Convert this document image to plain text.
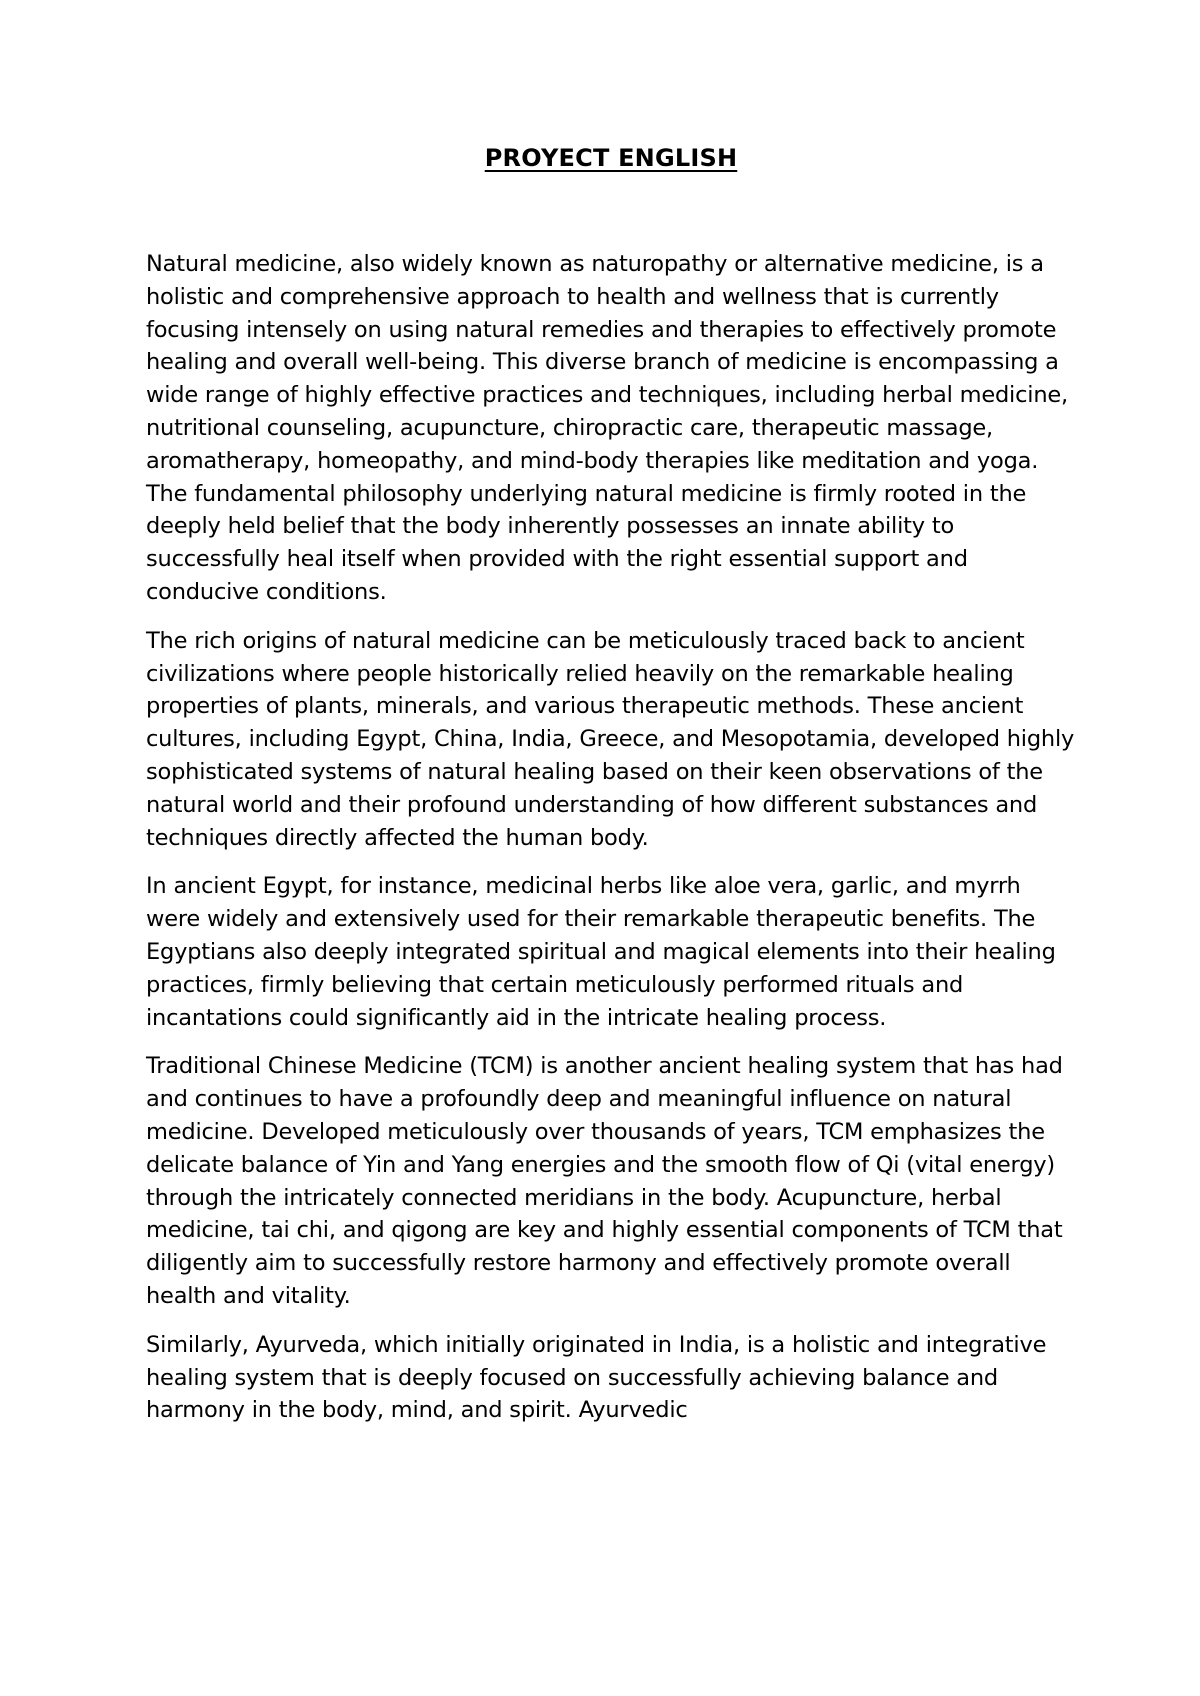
PROYECT ENGLISH

Natural medicine, also widely known as naturopathy or alternative medicine, is a holistic and comprehensive approach to health and wellness that is currently focusing intensely on using natural remedies and therapies to effectively promote healing and overall well-being. This diverse branch of medicine is encompassing a wide range of highly effective practices and techniques, including herbal medicine, nutritional counseling, acupuncture, chiropractic care, therapeutic massage, aromatherapy, homeopathy, and mind-body therapies like meditation and yoga. The fundamental philosophy underlying natural medicine is firmly rooted in the deeply held belief that the body inherently possesses an innate ability to successfully heal itself when provided with the right essential support and conducive conditions.

The rich origins of natural medicine can be meticulously traced back to ancient civilizations where people historically relied heavily on the remarkable healing properties of plants, minerals, and various therapeutic methods. These ancient cultures, including Egypt, China, India, Greece, and Mesopotamia, developed highly sophisticated systems of natural healing based on their keen observations of the natural world and their profound understanding of how different substances and techniques directly affected the human body.

In ancient Egypt, for instance, medicinal herbs like aloe vera, garlic, and myrrh were widely and extensively used for their remarkable therapeutic benefits. The Egyptians also deeply integrated spiritual and magical elements into their healing practices, firmly believing that certain meticulously performed rituals and incantations could significantly aid in the intricate healing process.

Traditional Chinese Medicine (TCM) is another ancient healing system that has had and continues to have a profoundly deep and meaningful influence on natural medicine. Developed meticulously over thousands of years, TCM emphasizes the delicate balance of Yin and Yang energies and the smooth flow of Qi (vital energy) through the intricately connected meridians in the body. Acupuncture, herbal medicine, tai chi, and qigong are key and highly essential components of TCM that diligently aim to successfully restore harmony and effectively promote overall health and vitality.

Similarly, Ayurveda, which initially originated in India, is a holistic and integrative healing system that is deeply focused on successfully achieving balance and harmony in the body, mind, and spirit. Ayurvedic
